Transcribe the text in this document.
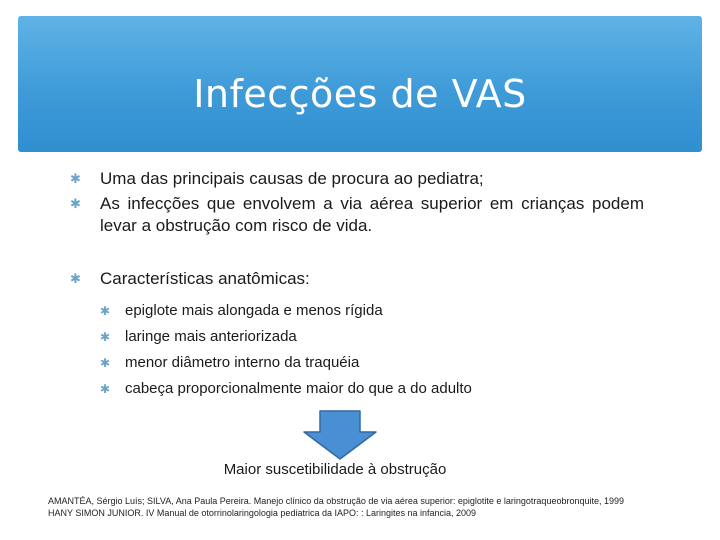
Infecções de VAS
✱ Uma das principais causas de procura ao pediatra;
✱ As infecções que envolvem a via aérea superior em crianças podem levar a obstrução com risco de vida.
✱ Características anatômicas:
✱ epiglote mais alongada e menos rígida
✱ laringe mais anteriorizada
✱ menor diâmetro interno da traquéia
✱ cabeça proporcionalmente maior do que a do adulto
Maior suscetibilidade à obstrução
AMANTÉA, Sérgio Luís; SILVA, Ana Paula Pereira. Manejo clínico da obstrução de via aérea superior: epiglotite e laringotraqueobronquite, 1999
HANY SIMON JUNIOR. IV Manual de otorrinolaringologia pediatrica da IAPO: : Laringites na infancia, 2009
